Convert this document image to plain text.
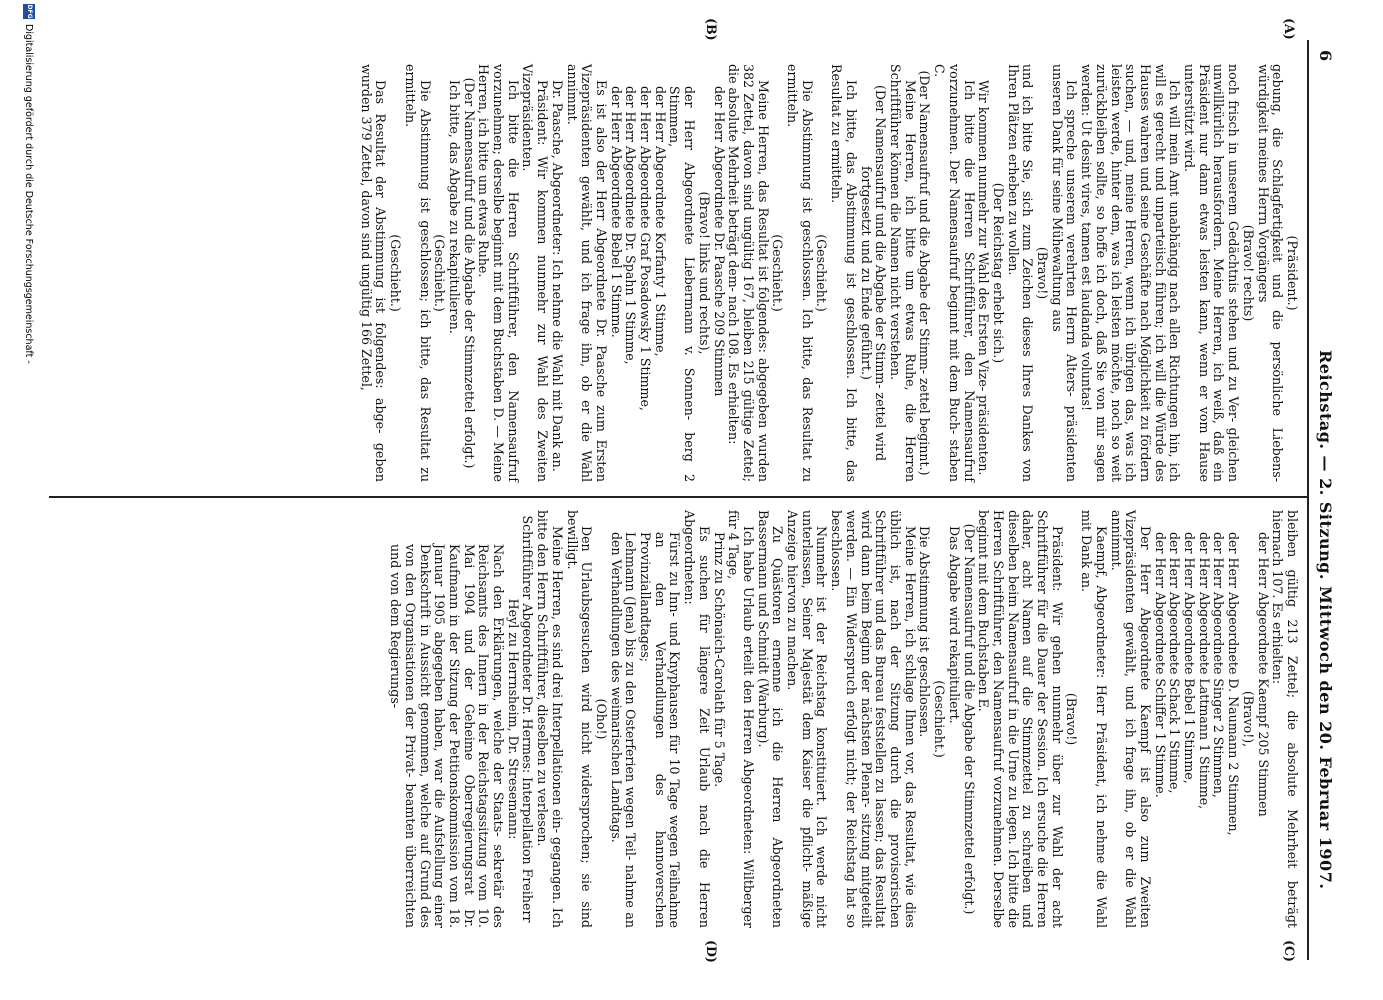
6
Reichstag. — 2. Sitzung. Mittwoch den 20. Februar 1907.
(A)
(B)
(C)
(D)

(Präsident.)

gebung, die Schlagfertigkeit und die persönliche Liebens- würdigkeit meines Herrn Vorgängers

(Bravo! rechts)

noch frisch in unserem Gedächtnis stehen und zu Ver- gleichen unwillkürlich herausfordern. Meine Herren, ich weiß, daß ein Präsident nur dann etwas leisten kann, wenn er vom Hause unterstützt wird.

Ich will mein Amt unabhängig nach allen Richtungen hin, ich will es gerecht und unparteiisch führen; ich will die Würde des Hauses wahren und seine Geschäfte nach Möglichkeit zu fördern suchen, — und, meine Herren, wenn ich übrigen das, was ich leisten werde, hinter dem, was ich leisten möchte, noch so weit zurückbleiben sollte, so hoffe ich doch, daß Sie von mir sagen werden: Ut desint vires, tamen est laudanda voluntas!

Ich spreche unserem verehrten Herrn Alters- präsidenten unseren Dank für seine Mühewaltung aus

(Bravo!)

und ich bitte Sie, sich zum Zeichen dieses Ihres Dankes von Ihren Plätzen erheben zu wollen.

(Der Reichstag erhebt sich.)

Wir kommen nunmehr zur Wahl des Ersten Vize- präsidenten.

Ich bitte die Herren Schriftführer, den Namensaufruf vorzunehmen. Der Namensaufruf beginnt mit dem Buch- staben C.

(Der Namensaufruf und die Abgabe der Stimm- zettel beginnt.)

Meine Herren, ich bitte um etwas Ruhe, die Herren Schriftführer können die Namen nicht verstehen.

(Der Namensaufruf und die Abgabe der Stimm- zettel wird fortgesetzt und zu Ende geführt.)

Ich bitte, das Abstimmung ist geschlossen. Ich bitte, das Resultat zu ermitteln.

(Geschieht.)

Die Abstimmung ist geschlossen. Ich bitte, das Resultat zu ermitteln.

(Geschieht.)

Meine Herren, das Resultat ist folgendes: abgegeben wurden 382 Zettel, davon sind ungültig 167, bleiben 215 gültige Zettel; die absolute Mehrheit beträgt dem- nach 108. Es erhielten:

der Herr Abgeordnete Dr. Paasche 209 Stimmen

(Bravo! links und rechts),

der Herr Abgeordnete Liebermann v. Sonnen- berg 2 Stimmen,

der Herr Abgeordnete Korfanty 1 Stimme,

der Herr Abgeordnete Graf Posadowsky 1 Stimme,

der Herr Abgeordnete Dr. Spahn 1 Stimme,

der Herr Abgeordnete Bebel 1 Stimme.

Es ist also der Herr Abgeordnete Dr. Paasche zum Ersten Vizepräsidenten gewählt, und ich frage ihn, ob er die Wahl annimmt.

Dr. Paasche, Abgeordneter: Ich nehme die Wahl mit Dank an.

Präsident: Wir kommen nunmehr zur Wahl des Zweiten Vizepräsidenten.

Ich bitte die Herren Schriftführer, den Namensaufruf vorzunehmen; derselbe beginnt mit dem Buchstaben D. — Meine Herren, ich bitte um etwas Ruhe.

(Der Namensaufruf und die Abgabe der Stimmzettel erfolgt.)

Ich bitte, das Abgabe zu rekapitulieren.

(Geschieht.)

Die Abstimmung ist geschlossen; ich bitte, das Resultat zu ermitteln.

(Geschieht.)

Das Resultat der Abstimmung ist folgendes: abge- geben wurden 379 Zettel, davon sind ungültig 166 Zettel,

bleiben gültig 213 Zettel; die absolute Mehrheit beträgt hiernach 107. Es erhielten:

der Herr Abgeordnete Kaempf 205 Stimmen

(Bravo!),

der Herr Abgeordnete D. Naumann 2 Stimmen,

der Herr Abgeordnete Singer 2 Stimmen,

der Herr Abgeordnete Lattmann 1 Stimme,

der Herr Abgeordnete Bebel 1 Stimme,

der Herr Abgeordnete Schack 1 Stimme,

der Herr Abgeordnete Schiffer 1 Stimme.

Der Herr Abgeordnete Kaempf ist also zum Zweiten Vizepräsidenten gewählt, und ich frage ihn, ob er die Wahl annimmt.

Kaempf, Abgeordneter: Herr Präsident, ich nehme die Wahl mit Dank an.

(Bravo!)

Präsident: Wir gehen nunmehr über zur Wahl der acht Schriftführer für die Dauer der Session. Ich ersuche die Herren daher, acht Namen auf die Stimmzettel zu schreiben und dieselben beim Namensaufruf in die Urne zu legen. Ich bitte die Herren Schriftführer, den Namensaufruf vorzunehmen. Derselbe beginnt mit dem Buchstaben E.

(Der Namensaufruf und die Abgabe der Stimmzettel erfolgt.)

Das Abgabe wird rekapituliert.

(Geschieht.)

Die Abstimmung ist geschlossen.

Meine Herren, ich schlage Ihnen vor, das Resultat, wie dies üblich ist, nach der Sitzung durch die provisorischen Schriftführer und das Bureau feststellen zu lassen; das Resultat wird dann beim Beginn der nächsten Plenar- sitzung mitgeteilt werden. — Ein Widerspruch erfolgt nicht; der Reichstag hat so beschlossen.

Nunmehr ist der Reichstag konstituiert. Ich werde nicht unterlassen, Seiner Majestät dem Kaiser die pflicht- mäßige Anzeige hiervon zu machen.

Zu Quästoren ernenne ich die Herren Abgeordneten Bassermann und Schmidt (Warburg).

Ich habe Urlaub erteilt den Herren Abgeordneten: Wiltberger für 4 Tage,

Prinz zu Schönaich-Carolath für 5 Tage.

Es suchen für längere Zeit Urlaub nach die Herren Abgeordneten:

Fürst zu Inn- und Knyphausen für 10 Tage wegen Teilnahme an den Verhandlungen des hannoverschen Provinziallandtages;

Lehmann (Jena) bis zu den Osterferien wegen Teil- nahme an den Verhandlungen des weimarischen Landtags.

(Oho!)

Den Urlaubsgesuchen wird nicht widersprochen; sie sind bewilligt.

Meine Herren, es sind drei Interpellationen ein- gegangen. Ich bitte den Herrn Schriftführer, dieselben zu verlesen.

Schriftführer Abgeordneter Dr. Hermes: Interpellation Freiherr Heyl zu Herrnsheim, Dr. Stresemann:

Nach den Erklärungen, welche der Staats- sekretär des Reichsamts des Innern in der Reichstagssitzung vom 10. Mai 1904 und der Geheime Oberregierungsrat Dr. Kaufmann in der Sitzung der Petitionskommission vom 18. Januar 1905 abgegeben haben, war die Aufstellung einer Denkschrift in Aussicht genommen, welche auf Grund des von den Organisationen der Privat- beamten überreichten und von dem Regierungs-

DFG
Digitalisierung gefördert durch die Deutsche Forschungsgemeinschaft -
